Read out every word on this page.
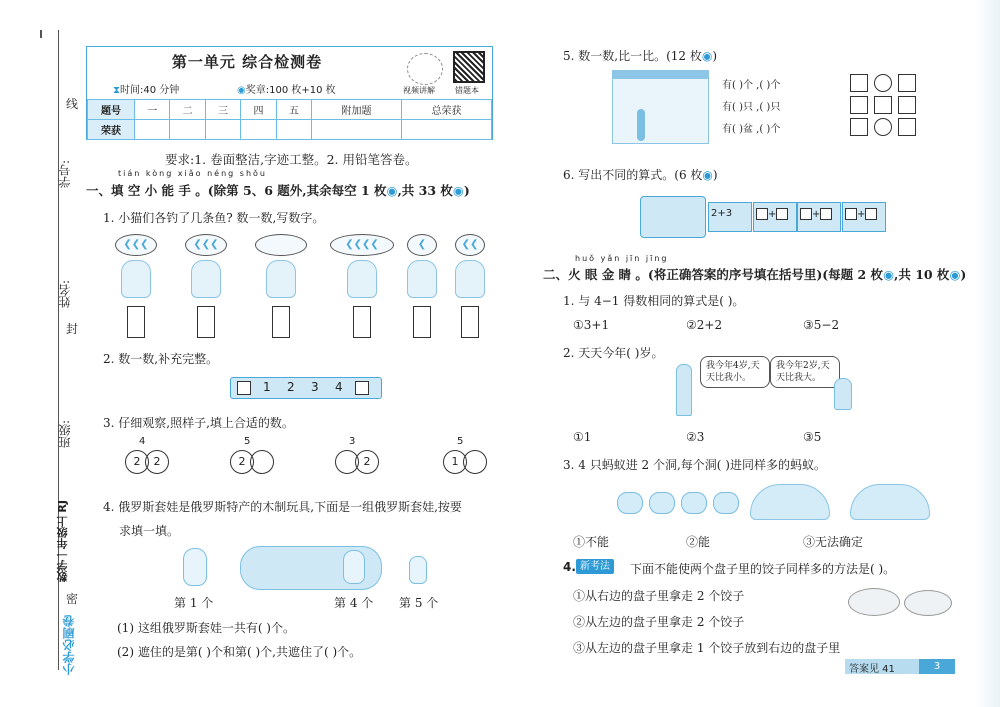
线
封
密
学号:
姓名:
班级:
数学一年级上 RJ
小学必刷卷
第一单元 综合检测卷
⧗时间:40 分钟	◉奖章:100 枚+10 枚	视频讲解	错题本
题号	一	二	三	四	五	附加题	总荣获
荣获							
要求:1. 卷面整洁,字迹工整。2. 用铅笔答卷。
tián kòng xiǎo néng shǒu
一、填 空 小 能 手 。(除第 5、6 题外,其余每空 1 枚◉,共 33 枚◉)
1. 小猫们各钓了几条鱼? 数一数,写数字。
❮❮❮	❮❮❮	❮❮❮❮	❮	❮❮
2. 数一数,补充完整。
1 2 3 4
3. 仔细观察,照样子,填上合适的数。
4
2	2
5
2
3
2
5
1
4. 俄罗斯套娃是俄罗斯特产的木制玩具,下面是一组俄罗斯套娃,按要
求填一填。
第 1 个	第 4 个 第 5 个
(1) 这组俄罗斯套娃一共有( )个。
(2) 遮住的是第( )个和第( )个,共遮住了( )个。
5. 数一数,比一比。(12 枚◉)
有( )个 ,( )个
有( )只 ,( )只
有( )盆 ,( )个
6. 写出不同的算式。(6 枚◉)
2+3	+	+	+
huǒ yǎn jīn jīng
二、火 眼 金 睛 。(将正确答案的序号填在括号里)(每题 2 枚◉,共 10 枚◉)
1. 与 4−1 得数相同的算式是( )。
①3+1	②2+2	③5−2
2. 天天今年( )岁。
我今年4岁,天天比我小。
我今年2岁,天天比我大。
①1	②3	③5
3. 4 只蚂蚁进 2 个洞,每个洞( )进同样多的蚂蚁。
①不能	②能	③无法确定
4. 新考法	下面不能使两个盘子里的饺子同样多的方法是( )。
①从右边的盘子里拿走 2 个饺子
②从左边的盘子里拿走 2 个饺子
③从左边的盘子里拿走 1 个饺子放到右边的盘子里
答案见 41	3
